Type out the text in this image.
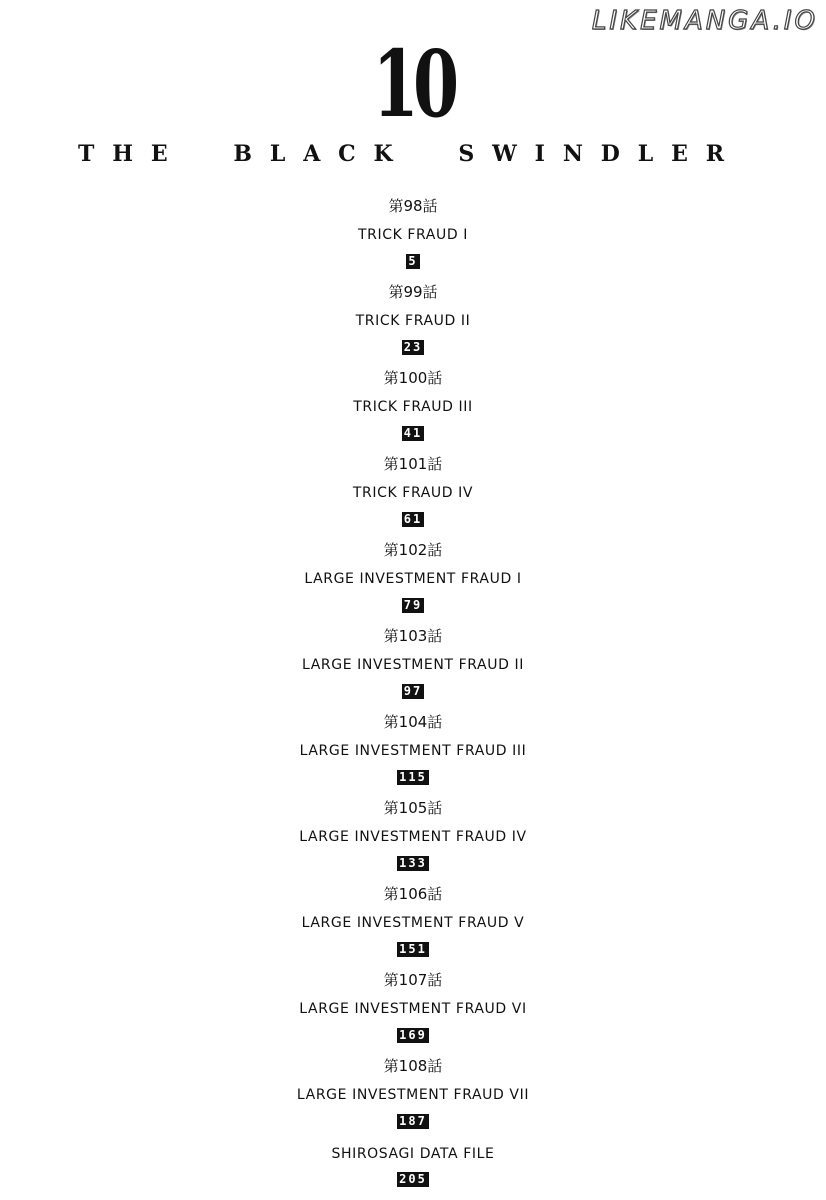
LIKEMANGA.IO
10
T H E	B L A C K	S W I N D L E R
第98話
TRICK FRAUD I
5
第99話
TRICK FRAUD II
23
第100話
TRICK FRAUD III
41
第101話
TRICK FRAUD IV
61
第102話
LARGE INVESTMENT FRAUD I
79
第103話
LARGE INVESTMENT FRAUD II
97
第104話
LARGE INVESTMENT FRAUD III
115
第105話
LARGE INVESTMENT FRAUD IV
133
第106話
LARGE INVESTMENT FRAUD V
151
第107話
LARGE INVESTMENT FRAUD VI
169
第108話
LARGE INVESTMENT FRAUD VII
187
SHIROSAGI DATA FILE
205
